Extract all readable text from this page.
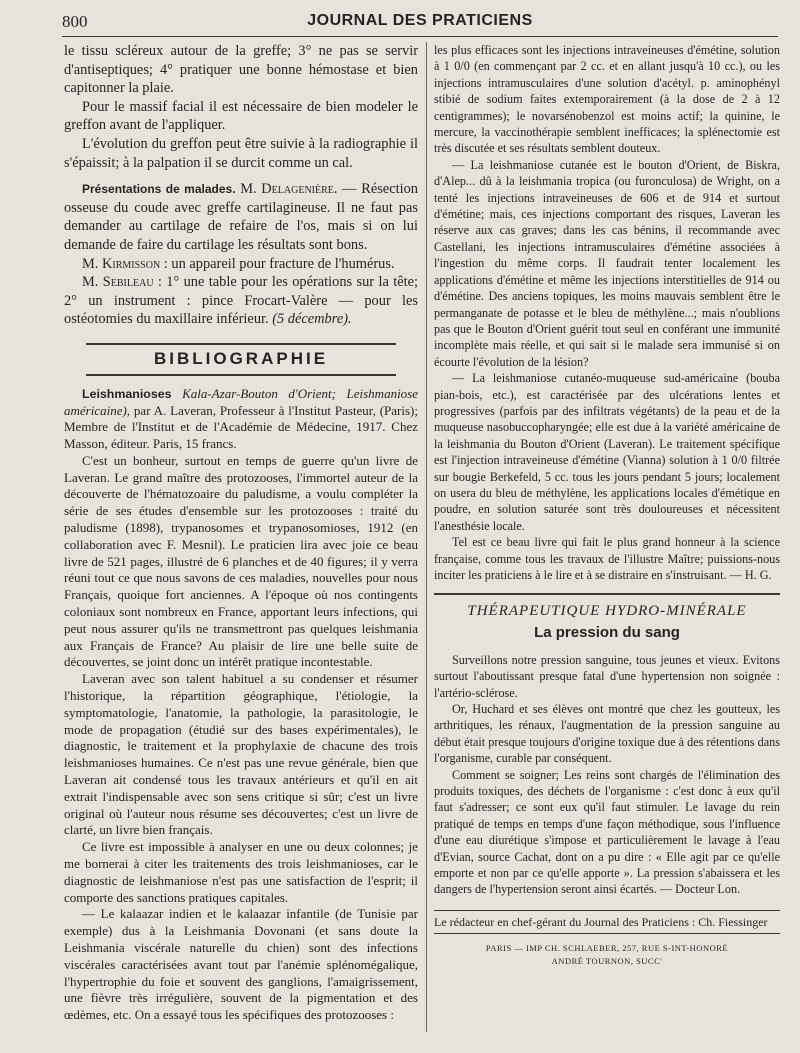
800	JOURNAL DES PRATICIENS

le tissu scléreux autour de la greffe; 3° ne pas se servir d'antiseptiques; 4° pratiquer une bonne hémostase et bien capitonner la plaie.

Pour le massif facial il est nécessaire de bien modeler le greffon avant de l'appliquer.

L'évolution du greffon peut être suivie à la radiographie il s'épaissit; à la palpation il se durcit comme un cal.

Présentations de malades. M. Delagenière. — Résection osseuse du coude avec greffe cartilagineuse. Il ne faut pas demander au cartilage de refaire de l'os, mais si on lui demande de faire du cartilage les résultats sont bons.

M. Kirmisson : un appareil pour fracture de l'humérus.

M. Sebileau : 1° une table pour les opérations sur la tête; 2° un instrument : pince Frocart-Valère — pour les ostéotomies du maxillaire inférieur. (5 décembre).

BIBLIOGRAPHIE

Leishmanioses Kala-Azar-Bouton d'Orient; Leishmaniose américaine), par A. Laveran, Professeur à l'Institut Pasteur, (Paris); Membre de l'Institut et de l'Académie de Médecine, 1917. Chez Masson, éditeur. Paris, 15 francs.

C'est un bonheur, surtout en temps de guerre qu'un livre de Laveran. Le grand maître des protozooses, l'immortel auteur de la découverte de l'hématozoaire du paludisme, a voulu compléter la série de ses études d'ensemble sur les protozooses : traité du paludisme (1898), trypanosomes et trypanosomioses, 1912 (en collaboration avec F. Mesnil). Le praticien lira avec joie ce beau livre de 521 pages, illustré de 6 planches et de 40 figures; il y verra réuni tout ce que nous savons de ces maladies, nouvelles pour nous Français, quoique fort anciennes. A l'époque où nos contingents coloniaux sont nombreux en France, apportant leurs infections, qui peut nous assurer qu'ils ne transmettront pas quelques leishmania aux Français de France? Au plaisir de lire une belle suite de découvertes, se joint donc un intérêt pratique incontestable.

Laveran avec son talent habituel a su condenser et résumer l'historique, la répartition géographique, l'étiologie, la symptomatologie, l'anatomie, la pathologie, la parasitologie, le mode de propagation (étudié sur des bases expérimentales), le diagnostic, le traitement et la prophylaxie de chacune des trois leishmanioses humaines. Ce n'est pas une revue générale, bien que Laveran ait condensé tous les travaux antérieurs et qu'il en ait extrait l'indispensable avec son sens critique si sûr; c'est un livre original où l'auteur nous résume ses découvertes; c'est un livre de clarté, un livre bien français.

Ce livre est impossible à analyser en une ou deux colonnes; je me bornerai à citer les traitements des trois leishmanioses, car le diagnostic de leishmaniose n'est pas une satisfaction de l'esprit; il comporte des sanctions pratiques capitales.

— Le kalaazar indien et le kalaazar infantile (de Tunisie par exemple) dus à la Leishmania Dovonani (et sans doute la Leishmania viscérale naturelle du chien) sont des infections viscérales caractérisées avant tout par l'anémie splénomégalique, l'hypertrophie du foie et souvent des ganglions, l'amaigrissement, une fièvre très irrégulière, souvent de la pigmentation et des œdèmes, etc. On a essayé tous les spécifiques des protozooses :

les plus efficaces sont les injections intraveineuses d'émétine, solution à 1 0/0 (en commençant par 2 cc. et en allant jusqu'à 10 cc.), ou les injections intramusculaires d'une solution d'acétyl. p. aminophényl stibié de sodium faites extemporairement (à la dose de 2 à 12 centigrammes); le novarsénobenzol est moins actif; la quinine, le mercure, la vaccinothérapie semblent inefficaces; la splénectomie est très discutée et ses résultats semblent douteux.

— La leishmaniose cutanée est le bouton d'Orient, de Biskra, d'Alep... dû à la leishmania tropica (ou furonculosa) de Wright, on a tenté les injections intraveineuses de 606 et de 914 et surtout d'émétine; mais, ces injections comportant des risques, Laveran les réserve aux cas graves; dans les cas bénins, il recommande avec Castellani, les injections intramusculaires d'émétine associées à l'ingestion du même corps. Il faudrait tenter localement les applications d'émétine et même les injections interstitielles de 914 ou d'émétine. Des anciens topiques, les moins mauvais semblent être le permanganate de potasse et le bleu de méthylène...; mais n'oublions pas que le Bouton d'Orient guérit tout seul en conférant une immunité incomplète mais réelle, et qui sait si le malade sera immunisé si on écourte l'évolution de la lésion?

— La leishmaniose cutanéo-muqueuse sud-américaine (bouba pian-bois, etc.), est caractérisée par des ulcérations lentes et progressives (parfois par des infiltrats végétants) de la peau et de la muqueuse nasobuccopharyngée; elle est due à la variété américaine de la leishmania du Bouton d'Orient (Laveran). Le traitement spécifique est l'injection intraveineuse d'émétine (Vianna) solution à 1 0/0 filtrée sur bougie Berkefeld, 5 cc. tous les jours pendant 5 jours; localement on usera du bleu de méthylène, les applications locales d'émétique en poudre, en solution saturée sont très douloureuses et nécessitent l'anesthésie locale.

Tel est ce beau livre qui fait le plus grand honneur à la science française, comme tous les travaux de l'illustre Maître; puissions-nous inciter les praticiens à le lire et à se distraire en s'instruisant. — H. G.

THÉRAPEUTIQUE HYDRO-MINÉRALE
La pression du sang

Surveillons notre pression sanguine, tous jeunes et vieux. Evitons surtout l'aboutissant presque fatal d'une hypertension non soignée : l'artério-sclérose.

Or, Huchard et ses élèves ont montré que chez les goutteux, les arthritiques, les rénaux, l'augmentation de la pression sanguine au début était presque toujours d'origine toxique due à des rétentions dans l'organisme, curable par conséquent.

Comment se soigner; Les reins sont chargés de l'élimination des produits toxiques, des déchets de l'organisme : c'est donc à eux qu'il faut s'adresser; ce sont eux qu'il faut stimuler. Le lavage du rein pratiqué de temps en temps d'une façon méthodique, sous l'influence d'une eau diurétique s'impose et particulièrement le lavage à l'eau d'Evian, source Cachat, dont on a pu dire : « Elle agit par ce qu'elle emporte et non par ce qu'elle apporte ». La pression s'abaissera et les dangers de l'hypertension seront ainsi écartés. — Docteur Lon.

Le rédacteur en chef-gérant du Journal des Praticiens : Ch. Fiessinger
PARIS — IMP CH. SCHLAEBER, 257, RUE S-INT-HONORÉ
ANDRÉ TOURNON, SUCC'
